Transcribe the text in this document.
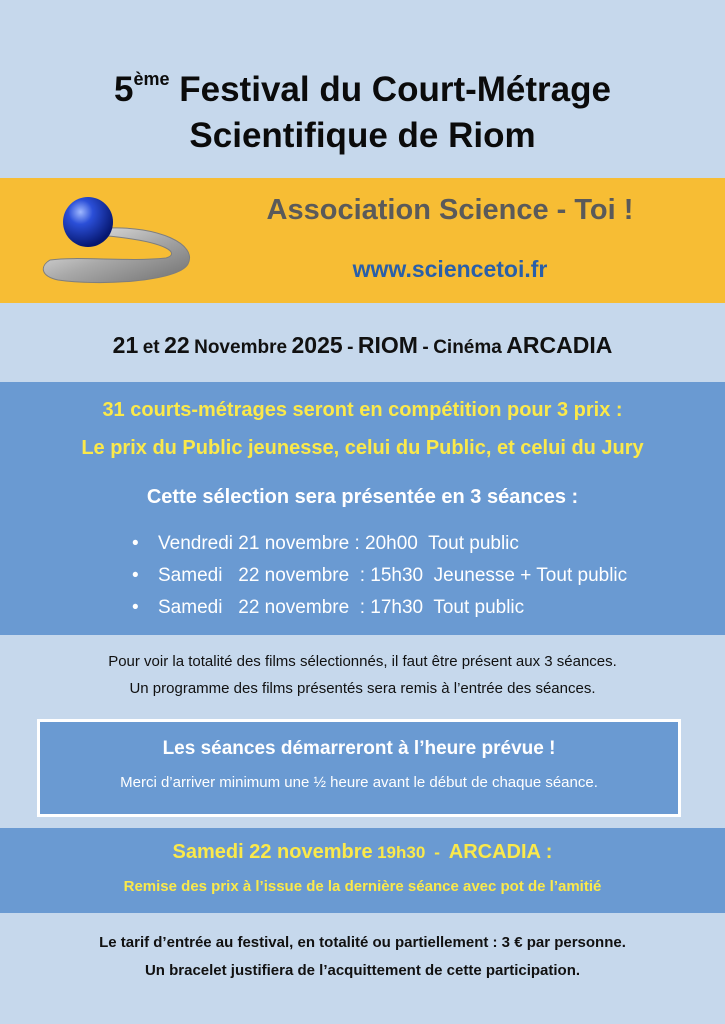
5ème Festival du Court-Métrage
Scientifique de Riom
Association Science - Toi !
www.sciencetoi.fr
21 et 22 Novembre 2025 - RIOM - Cinéma ARCADIA
31 courts-métrages seront en compétition pour 3 prix :
Le prix du Public jeunesse, celui du Public, et celui du Jury
Cette sélection sera présentée en 3 séances :
• Vendredi 21 novembre : 20h00  Tout public
• Samedi   22 novembre  : 15h30  Jeunesse + Tout public
• Samedi   22 novembre  : 17h30  Tout public
Pour voir la totalité des films sélectionnés, il faut être présent aux 3 séances.
Un programme des films présentés sera remis à l’entrée des séances.
Les séances démarreront à l’heure prévue !
Merci d’arriver minimum une ½ heure avant le début de chaque séance.
Samedi 22 novembre 19h30 - ARCADIA :
Remise des prix à l’issue de la dernière séance avec pot de l’amitié
Le tarif d’entrée au festival, en totalité ou partiellement : 3 € par personne.
Un bracelet justifiera de l’acquittement de cette participation.
